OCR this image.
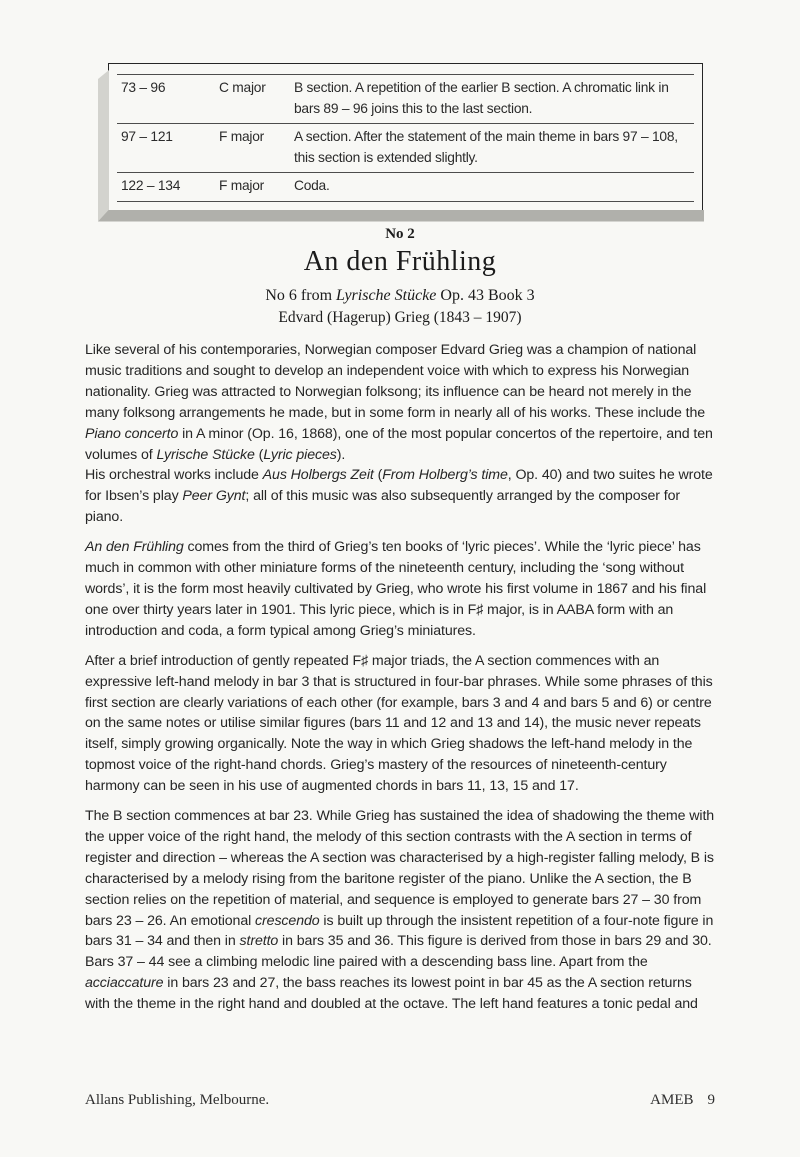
73 – 96	C major	B section. A repetition of the earlier B section. A chromatic link in bars 89 – 96 joins this to the last section.
97 – 121	F major	A section. After the statement of the main theme in bars 97 – 108, this section is extended slightly.
122 – 134	F major	Coda.
No 2
An den Frühling
No 6 from Lyrische Stücke Op. 43 Book 3
Edvard (Hagerup) Grieg (1843 – 1907)

Like several of his contemporaries, Norwegian composer Edvard Grieg was a champion of national music traditions and sought to develop an independent voice with which to express his Norwegian nationality. Grieg was attracted to Norwegian folksong; its influence can be heard not merely in the many folksong arrangements he made, but in some form in nearly all of his works. These include the Piano concerto in A minor (Op. 16, 1868), one of the most popular concertos of the repertoire, and ten volumes of Lyrische Stücke (Lyric pieces).
His orchestral works include Aus Holbergs Zeit (From Holberg’s time, Op. 40) and two suites he wrote for Ibsen’s play Peer Gynt; all of this music was also subsequently arranged by the composer for piano.

An den Frühling comes from the third of Grieg’s ten books of ‘lyric pieces’. While the ‘lyric piece’ has much in common with other miniature forms of the nineteenth century, including the ‘song without words’, it is the form most heavily cultivated by Grieg, who wrote his first volume in 1867 and his final one over thirty years later in 1901. This lyric piece, which is in F♯ major, is in AABA form with an introduction and coda, a form typical among Grieg’s miniatures.

After a brief introduction of gently repeated F♯ major triads, the A section commences with an expressive left-hand melody in bar 3 that is structured in four-bar phrases. While some phrases of this first section are clearly variations of each other (for example, bars 3 and 4 and bars 5 and 6) or centre on the same notes or utilise similar figures (bars 11 and 12 and 13 and 14), the music never repeats itself, simply growing organically. Note the way in which Grieg shadows the left-hand melody in the topmost voice of the right-hand chords. Grieg’s mastery of the resources of nineteenth-century harmony can be seen in his use of augmented chords in bars 11, 13, 15 and 17.

The B section commences at bar 23. While Grieg has sustained the idea of shadowing the theme with the upper voice of the right hand, the melody of this section contrasts with the A section in terms of register and direction – whereas the A section was characterised by a high-register falling melody, B is characterised by a melody rising from the baritone register of the piano. Unlike the A section, the B section relies on the repetition of material, and sequence is employed to generate bars 27 – 30 from bars 23 – 26. An emotional crescendo is built up through the insistent repetition of a four-note figure in bars 31 – 34 and then in stretto in bars 35 and 36. This figure is derived from those in bars 29 and 30. Bars 37 – 44 see a climbing melodic line paired with a descending bass line. Apart from the acciaccature in bars 23 and 27, the bass reaches its lowest point in bar 45 as the A section returns with the theme in the right hand and doubled at the octave. The left hand features a tonic pedal and

Allans Publishing, Melbourne.	AMEB 9
